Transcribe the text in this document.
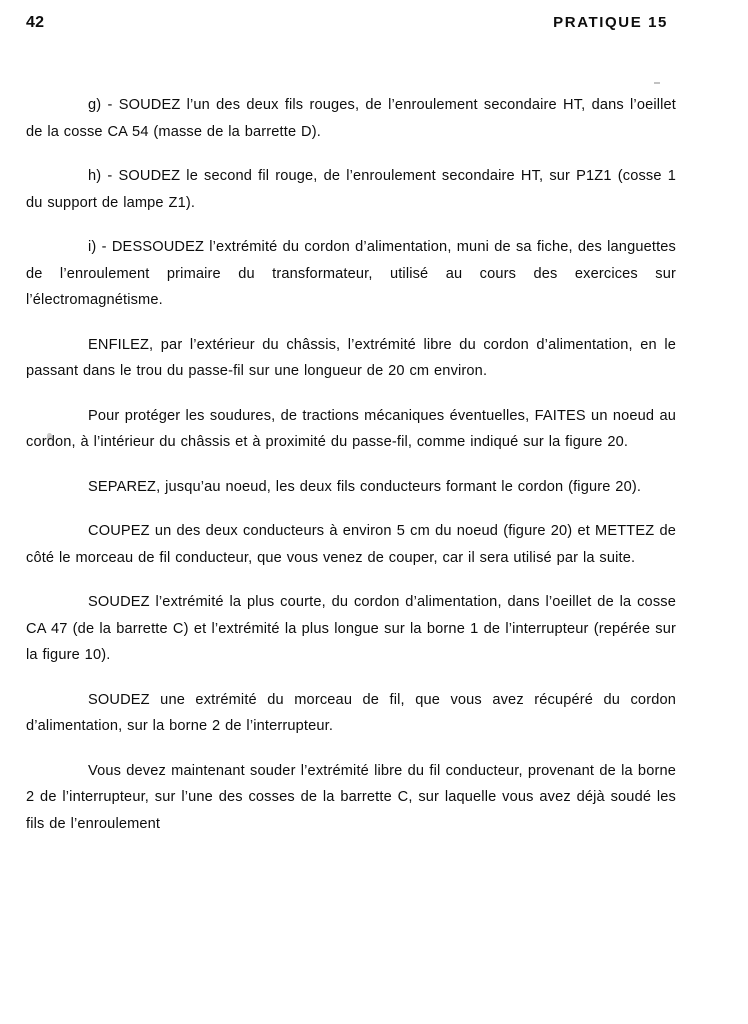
42	PRATIQUE 15

g) - SOUDEZ l’un des deux fils rouges, de l’enroulement secondaire HT, dans l’oeillet de la cosse CA 54 (masse de la barrette D).

h) - SOUDEZ le second fil rouge, de l’enroulement secondaire HT, sur P1Z1 (cosse 1 du support de lampe Z1).

i) - DESSOUDEZ l’extrémité du cordon d’alimentation, muni de sa fiche, des languettes de l’enroulement primaire du transformateur, utilisé au cours des exercices sur l’électromagnétisme.

ENFILEZ, par l’extérieur du châssis, l’extrémité libre du cordon d’alimentation, en le passant dans le trou du passe-fil sur une longueur de 20 cm environ.

Pour protéger les soudures, de tractions mécaniques éventuelles, FAITES un noeud au cordon, à l’intérieur du châssis et à proximité du passe-fil, comme indiqué sur la figure 20.

SEPAREZ, jusqu’au noeud, les deux fils conducteurs formant le cordon (figure 20).

COUPEZ un des deux conducteurs à environ 5 cm du noeud (figure 20) et METTEZ de côté le morceau de fil conducteur, que vous venez de couper, car il sera utilisé par la suite.

SOUDEZ l’extrémité la plus courte, du cordon d’alimentation, dans l’oeillet de la cosse CA 47 (de la barrette C) et l’extrémité la plus longue sur la borne 1 de l’interrupteur (repérée sur la figure 10).

SOUDEZ une extrémité du morceau de fil, que vous avez récupéré du cordon d’alimentation, sur la borne 2 de l’interrupteur.

Vous devez maintenant souder l’extrémité libre du fil conducteur, provenant de la borne 2 de l’interrupteur, sur l’une des cosses de la barrette C, sur laquelle vous avez déjà soudé les fils de l’enroulement
